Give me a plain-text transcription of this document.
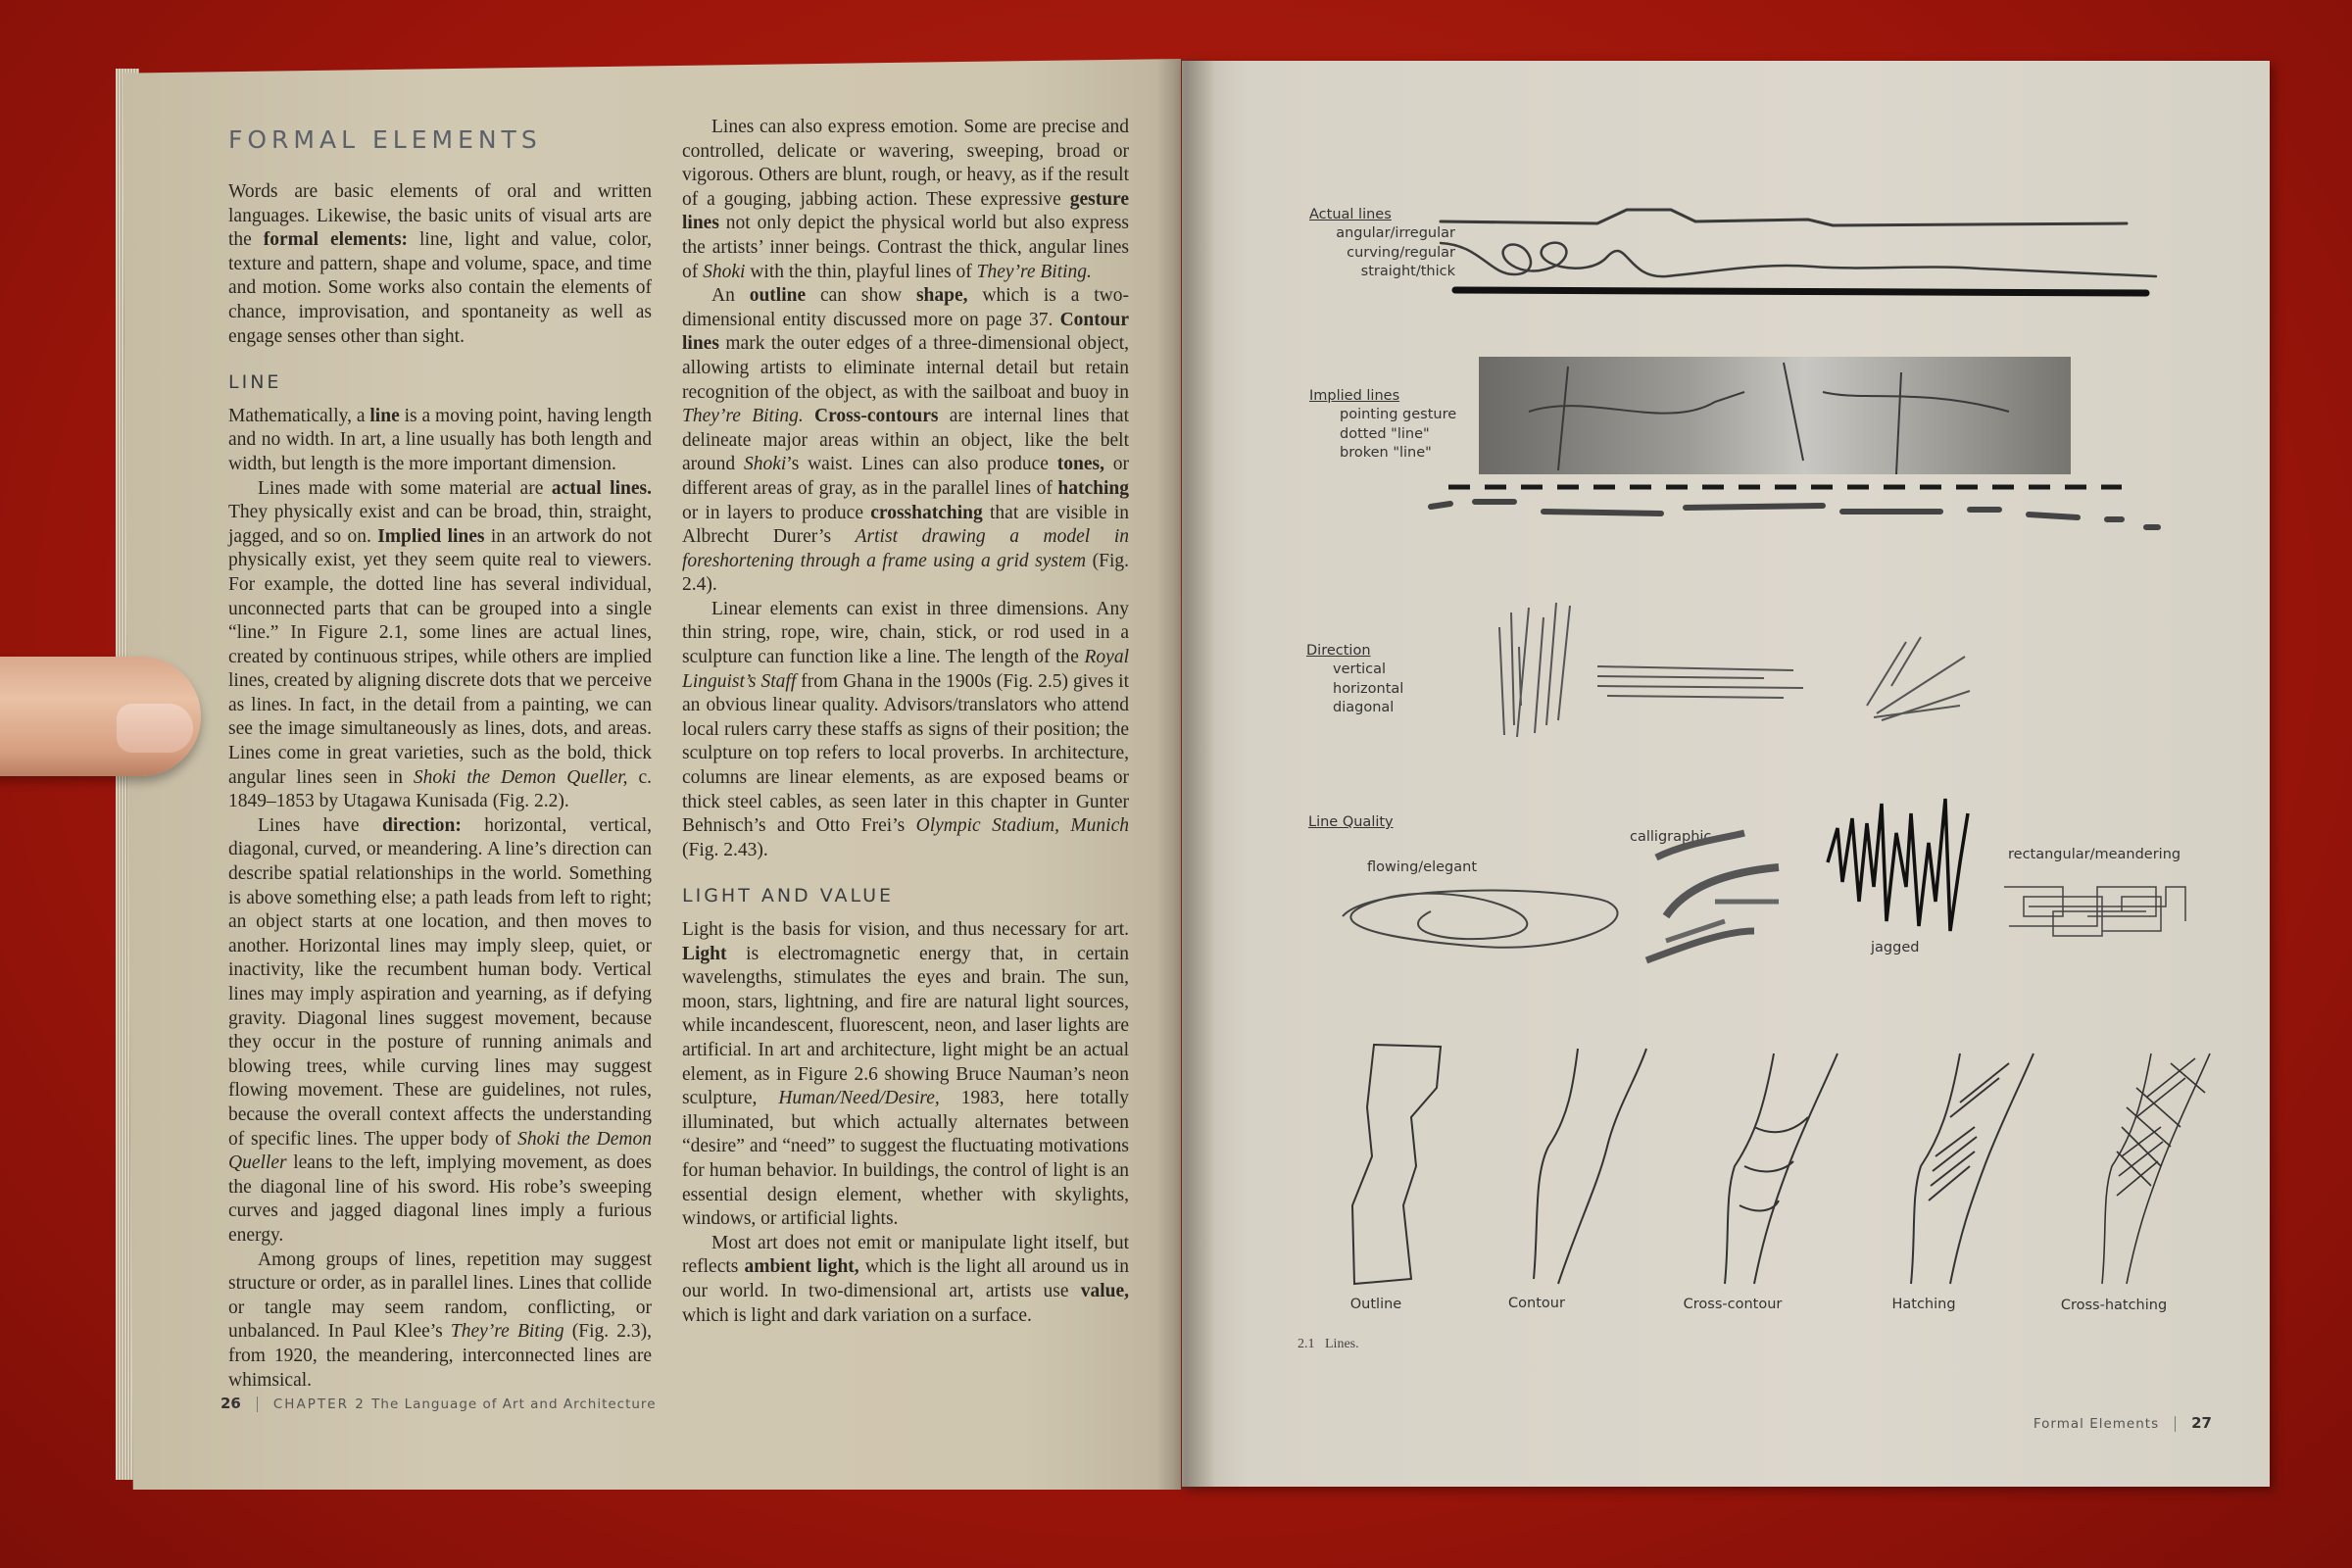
FORMAL ELEMENTS

Words are basic elements of oral and written languages. Likewise, the basic units of visual arts are the formal elements: line, light and value, color, texture and pattern, shape and volume, space, and time and motion. Some works also contain the elements of chance, improvisation, and spontaneity as well as engage senses other than sight.

LINE

Mathematically, a line is a moving point, having length and no width. In art, a line usually has both length and width, but length is the more important dimension.

Lines made with some material are actual lines. They physically exist and can be broad, thin, straight, jagged, and so on. Implied lines in an artwork do not physically exist, yet they seem quite real to viewers. For example, the dotted line has several individual, unconnected parts that can be grouped into a single “line.” In Figure 2.1, some lines are actual lines, created by continuous stripes, while others are implied lines, created by aligning discrete dots that we perceive as lines. In fact, in the detail from a painting, we can see the image simultaneously as lines, dots, and areas. Lines come in great varieties, such as the bold, thick angular lines seen in Shoki the Demon Queller, c. 1849–1853 by Utagawa Kunisada (Fig. 2.2).

Lines have direction: horizontal, vertical, diagonal, curved, or meandering. A line’s direction can describe spatial relationships in the world. Something is above something else; a path leads from left to right; an object starts at one location, and then moves to another. Horizontal lines may imply sleep, quiet, or inactivity, like the recumbent human body. Vertical lines may imply aspiration and yearning, as if defying gravity. Diagonal lines suggest movement, because they occur in the posture of running animals and blowing trees, while curving lines may suggest flowing movement. These are guidelines, not rules, because the overall context affects the understanding of specific lines. The upper body of Shoki the Demon Queller leans to the left, implying movement, as does the diagonal line of his sword. His robe’s sweeping curves and jagged diagonal lines imply a furious energy.

Among groups of lines, repetition may suggest structure or order, as in parallel lines. Lines that collide or tangle may seem random, conflicting, or unbalanced. In Paul Klee’s They’re Biting (Fig. 2.3), from 1920, the meandering, interconnected lines are whimsical.

Lines can also express emotion. Some are precise and controlled, delicate or wavering, sweeping, broad or vigorous. Others are blunt, rough, or heavy, as if the result of a gouging, jabbing action. These expressive gesture lines not only depict the physical world but also express the artists’ inner beings. Contrast the thick, angular lines of Shoki with the thin, playful lines of They’re Biting.

An outline can show shape, which is a two-dimensional entity discussed more on page 37. Contour lines mark the outer edges of a three-dimensional object, allowing artists to eliminate internal detail but retain recognition of the object, as with the sailboat and buoy in They’re Biting. Cross-contours are internal lines that delineate major areas within an object, like the belt around Shoki’s waist. Lines can also produce tones, or different areas of gray, as in the parallel lines of hatching or in layers to produce crosshatching that are visible in Albrecht Durer’s Artist drawing a model in foreshortening through a frame using a grid system (Fig. 2.4).

Linear elements can exist in three dimensions. Any thin string, rope, wire, chain, stick, or rod used in a sculpture can function like a line. The length of the Royal Linguist’s Staff from Ghana in the 1900s (Fig. 2.5) gives it an obvious linear quality. Advisors/translators who attend local rulers carry these staffs as signs of their position; the sculpture on top refers to local proverbs. In architecture, columns are linear elements, as are exposed beams or thick steel cables, as seen later in this chapter in Gunter Behnisch’s and Otto Frei’s Olympic Stadium, Munich (Fig. 2.43).

LIGHT AND VALUE

Light is the basis for vision, and thus necessary for art. Light is electromagnetic energy that, in certain wavelengths, stimulates the eyes and brain. The sun, moon, stars, lightning, and fire are natural light sources, while incandescent, fluorescent, neon, and laser lights are artificial. In art and architecture, light might be an actual element, as in Figure 2.6 showing Bruce Nauman’s neon sculpture, Human/Need/Desire, 1983, here totally illuminated, but which actually alternates between “desire” and “need” to suggest the fluctuating motivations for human behavior. In buildings, the control of light is an essential design element, whether with skylights, windows, or artificial lights.

Most art does not emit or manipulate light itself, but reflects ambient light, which is the light all around us in our world. In two-dimensional art, artists use value, which is light and dark variation on a surface.

26 CHAPTER 2 The Language of Art and Architecture
Formal Elements 27
Actual lines
angular/irregular
curving/regular
straight/thick
Implied lines
pointing gesture
dotted "line"
broken "line"
Direction
vertical
horizontal
diagonal
Line Quality
flowing/elegant
calligraphic
jagged
rectangular/meandering
Outline	Contour	Cross-contour	Hatching	Cross-hatching
2.1 Lines.
